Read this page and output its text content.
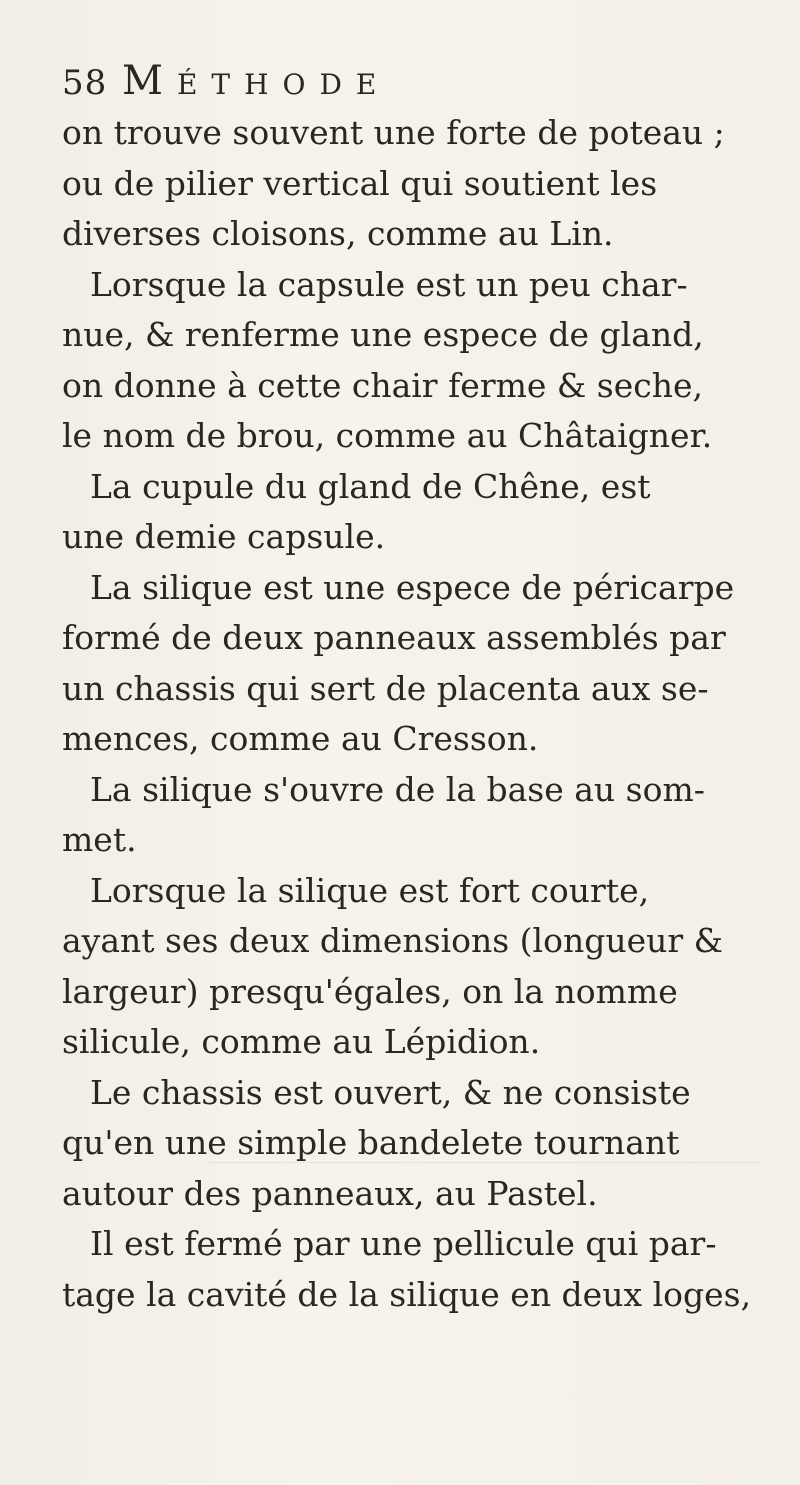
58 Méthode
on trouve souvent une forte de poteau ;
ou de pilier vertical qui soutient les
diverses cloisons, comme au Lin.
Lorsque la capsule est un peu char-
nue, & renferme une espece de gland,
on donne à cette chair ferme & seche,
le nom de brou, comme au Châtaigner.
La cupule du gland de Chêne, est
une demie capsule.
La silique est une espece de péricarpe
formé de deux panneaux assemblés par
un chassis qui sert de placenta aux se-
mences, comme au Cresson.
La silique s'ouvre de la base au som-
met.
Lorsque la silique est fort courte,
ayant ses deux dimensions (longueur &
largeur) presqu'égales, on la nomme
silicule, comme au Lépidion.
Le chassis est ouvert, & ne consiste
qu'en une simple bandelete tournant
autour des panneaux, au Pastel.
Il est fermé par une pellicule qui par-
tage la cavité de la silique en deux loges,
